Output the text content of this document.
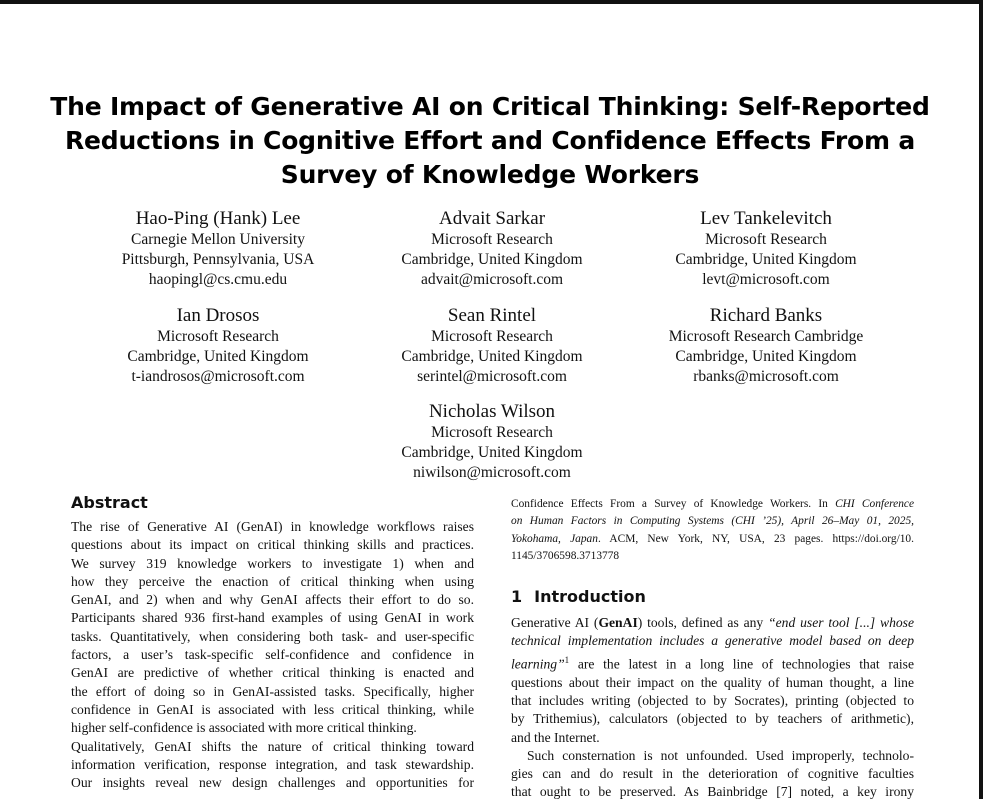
The Impact of Generative AI on Critical Thinking: Self-Reported
Reductions in Cognitive Effort and Confidence Effects From a
Survey of Knowledge Workers
Hao-Ping (Hank) Lee
Carnegie Mellon University
Pittsburgh, Pennsylvania, USA
haopingl@cs.cmu.edu
Advait Sarkar
Microsoft Research
Cambridge, United Kingdom
advait@microsoft.com
Lev Tankelevitch
Microsoft Research
Cambridge, United Kingdom
levt@microsoft.com
Ian Drosos
Microsoft Research
Cambridge, United Kingdom
t-iandrosos@microsoft.com
Sean Rintel
Microsoft Research
Cambridge, United Kingdom
serintel@microsoft.com
Richard Banks
Microsoft Research Cambridge
Cambridge, United Kingdom
rbanks@microsoft.com
Nicholas Wilson
Microsoft Research
Cambridge, United Kingdom
niwilson@microsoft.com
Abstract
The rise of Generative AI (GenAI) in knowledge workflows raises
questions about its impact on critical thinking skills and practices.
We survey 319 knowledge workers to investigate 1) when and
how they perceive the enaction of critical thinking when using
GenAI, and 2) when and why GenAI affects their effort to do so.
Participants shared 936 first-hand examples of using GenAI in work
tasks. Quantitatively, when considering both task- and user-specific
factors, a user’s task-specific self-confidence and confidence in
GenAI are predictive of whether critical thinking is enacted and
the effort of doing so in GenAI-assisted tasks. Specifically, higher
confidence in GenAI is associated with less critical thinking, while
higher self-confidence is associated with more critical thinking.
Qualitatively, GenAI shifts the nature of critical thinking toward
information verification, response integration, and task stewardship.
Our insights reveal new design challenges and opportunities for
Confidence Effects From a Survey of Knowledge Workers. In CHI Conference
on Human Factors in Computing Systems (CHI ’25), April 26–May 01, 2025,
Yokohama, Japan. ACM, New York, NY, USA, 23 pages. https://doi.org/10.
1145/3706598.3713778
1 Introduction
Generative AI (GenAI) tools, defined as any “end user tool [...] whose
technical implementation includes a generative model based on deep
learning”$^1$ are the latest in a long line of technologies that raise
questions about their impact on the quality of human thought, a line
that includes writing (objected to by Socrates), printing (objected to
by Trithemius), calculators (objected to by teachers of arithmetic),
and the Internet.
Such consternation is not unfounded. Used improperly, technolo-
gies can and do result in the deterioration of cognitive faculties
that ought to be preserved. As Bainbridge [7] noted, a key irony
